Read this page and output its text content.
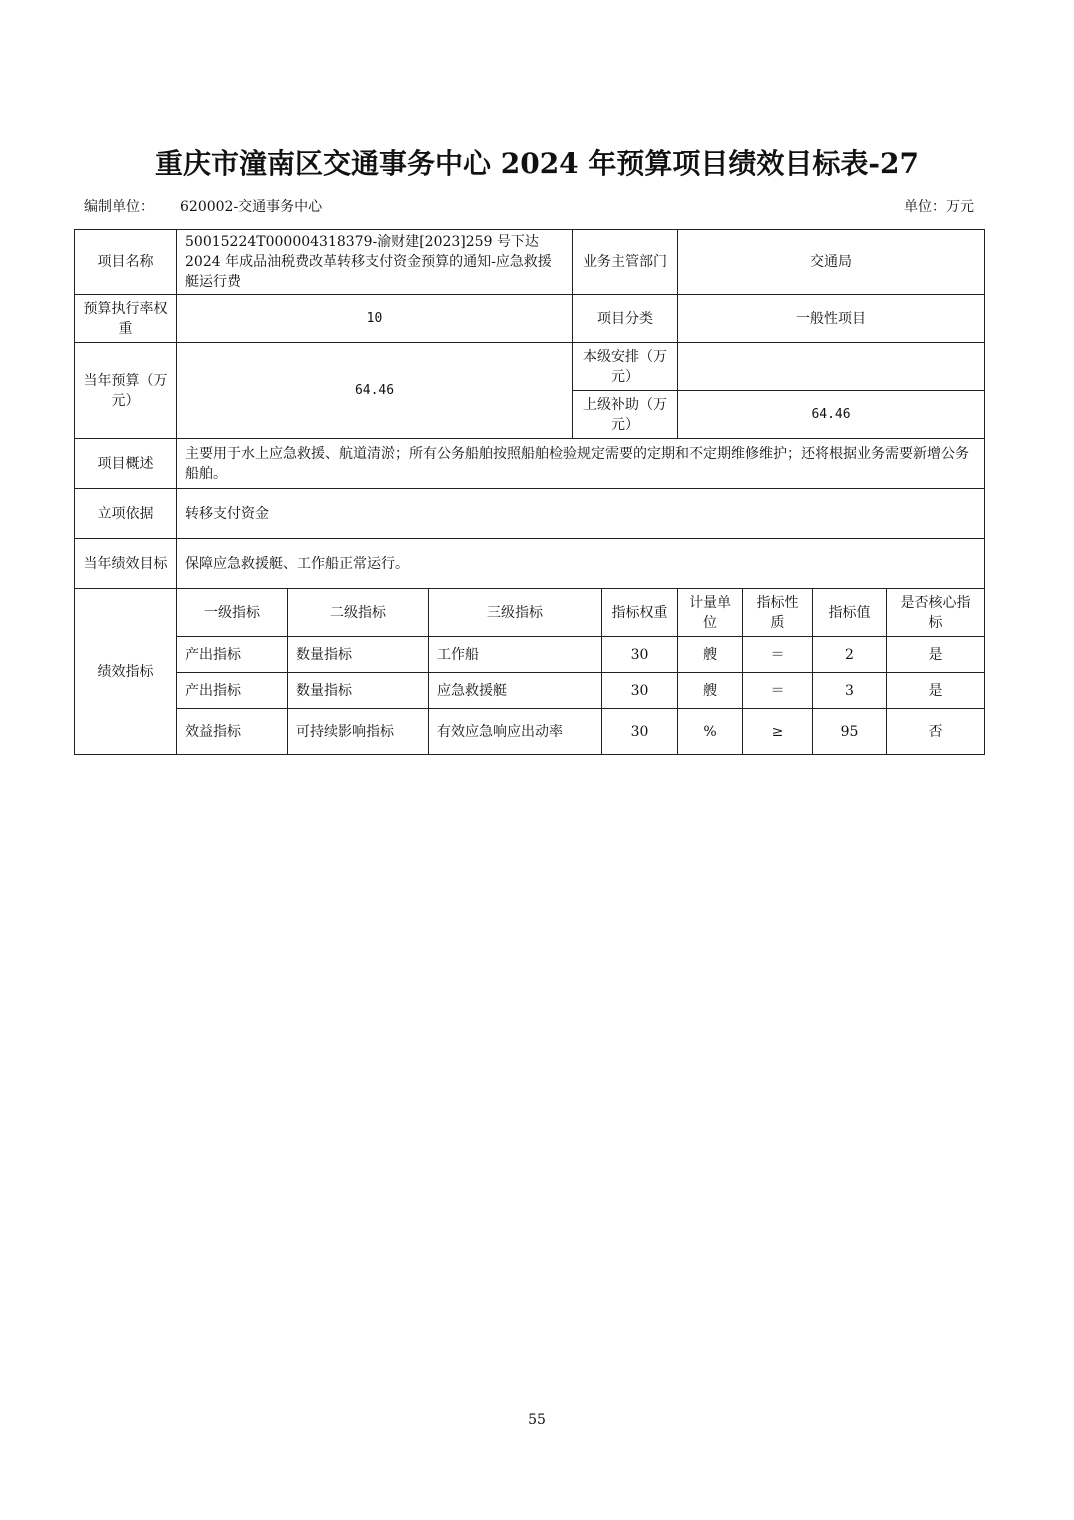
重庆市潼南区交通事务中心 2024 年预算项目绩效目标表-27
编制单位： 620002-交通事务中心	单位：万元
项目名称	50015224T000004318379-渝财建[2023]259 号下达 2024 年成品油税费改革转移支付资金预算的通知-应急救援艇运行费			业务主管部门		交通局			
预算执行率权重	10			项目分类		一般性项目			
当年预算（万元）	64.46			本级安排（万元）					
				上级补助（万元）		64.46			
项目概述	主要用于水上应急救援、航道清淤；所有公务船舶按照船舶检验规定需要的定期和不定期维修维护；还将根据业务需要新增公务船舶。								
立项依据	转移支付资金								
当年绩效目标	保障应急救援艇、工作船正常运行。								
绩效指标	一级指标	二级指标	三级指标		指标权重	计量单位	指标性质	指标值	是否核心指标
	产出指标	数量指标	工作船		30	艘	＝	2	是
	产出指标	数量指标	应急救援艇		30	艘	＝	3	是
	效益指标	可持续影响指标	有效应急响应出动率		30	%	≥	95	否
55
